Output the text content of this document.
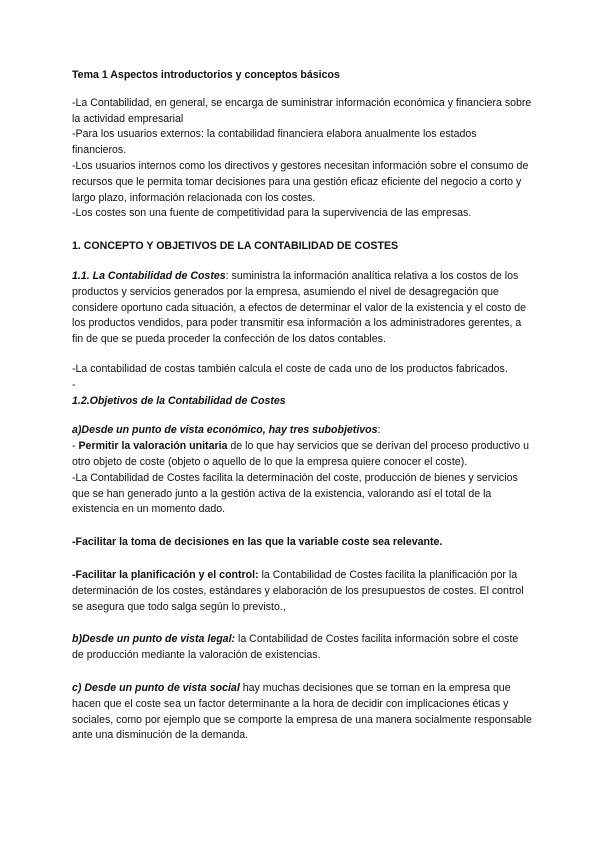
Tema 1 Aspectos introductorios y conceptos básicos

-La Contabilidad, en general, se encarga de suministrar información económica y financiera sobre la actividad empresarial

-Para los usuarios externos: la contabilidad financiera elabora anualmente los estados financieros.

-Los usuarios internos como los directivos y gestores necesitan información sobre el consumo de recursos que le permita tomar decisiones para una gestión eficaz eficiente del negocio a corto y largo plazo, información relacionada con los costes.

-Los costes son una fuente de competitividad para la supervivencia de las empresas.

1. CONCEPTO Y OBJETIVOS DE LA CONTABILIDAD DE COSTES

1.1. La Contabilidad de Costes: suministra la información analítica relativa a los costos de los productos y servicios generados por la empresa, asumiendo el nivel de desagregación que considere oportuno cada situación, a efectos de determinar el valor de la existencia y el costo de los productos vendidos, para poder transmitir esa información a los administradores gerentes, a fin de que se pueda proceder la confección de los datos contables.

-La contabilidad de costas también calcula el coste de cada uno de los productos fabricados.

-

1.2.Objetivos de la Contabilidad de Costes

a)Desde un punto de vista económico, hay tres subobjetivos:

- Permitir la valoración unitaria de lo que hay servicios que se derivan del proceso productivo u otro objeto de coste (objeto o aquello de lo que la empresa quiere conocer el coste).

-La Contabilidad de Costes facilita la determinación del coste, producción de bienes y servicios que se han generado junto a la gestión activa de la existencia, valorando así el total de la existencia en un momento dado.

-Facilitar la toma de decisiones en las que la variable coste sea relevante.

-Facilitar la planificación y el control: la Contabilidad de Costes facilita la planificación por la determinación de los costes, estándares y elaboración de los presupuestos de costes. El control se asegura que todo salga según lo previsto.,

b)Desde un punto de vista legal: la Contabilidad de Costes facilita información sobre el coste de producción mediante la valoración de existencias.

c) Desde un punto de vista social hay muchas decisiones que se toman en la empresa que hacen que el coste sea un factor determinante a la hora de decidir con implicaciones éticas y sociales, como por ejemplo que se comporte la empresa de una manera socialmente responsable ante una disminución de la demanda.
